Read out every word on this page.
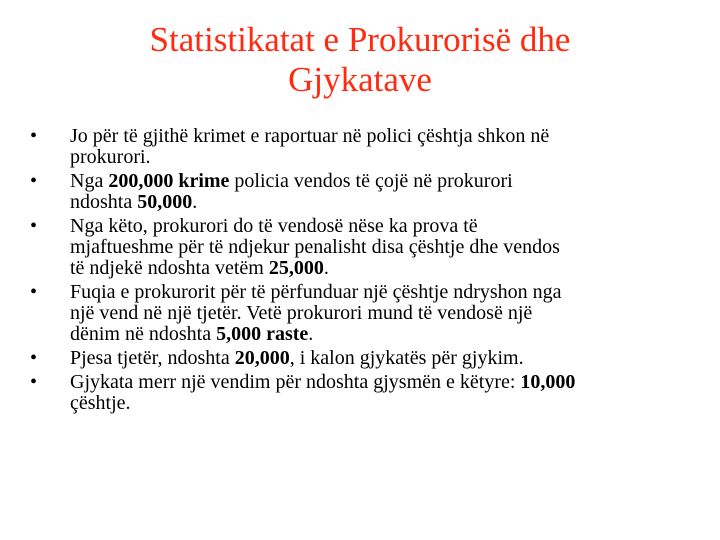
Statistikatat e Prokurorisë dhe
Gjykatave
•	Jo për të gjithë krimet e raportuar në polici çështja shkon në
prokurori.
•	Nga 200,000 krime policia vendos të çojë në prokurori
ndoshta 50,000.
•	Nga këto, prokurori do të vendosë nëse ka prova të
mjaftueshme për të ndjekur penalisht disa çështje dhe vendos
të ndjekë ndoshta vetëm 25,000.
•	Fuqia e prokurorit për të përfunduar një çështje ndryshon nga
një vend në një tjetër. Vetë prokurori mund të vendosë një
dënim në ndoshta 5,000 raste.
•	Pjesa tjetër, ndoshta 20,000, i kalon gjykatës për gjykim.
•	Gjykata merr një vendim për ndoshta gjysmën e këtyre: 10,000
çështje.
